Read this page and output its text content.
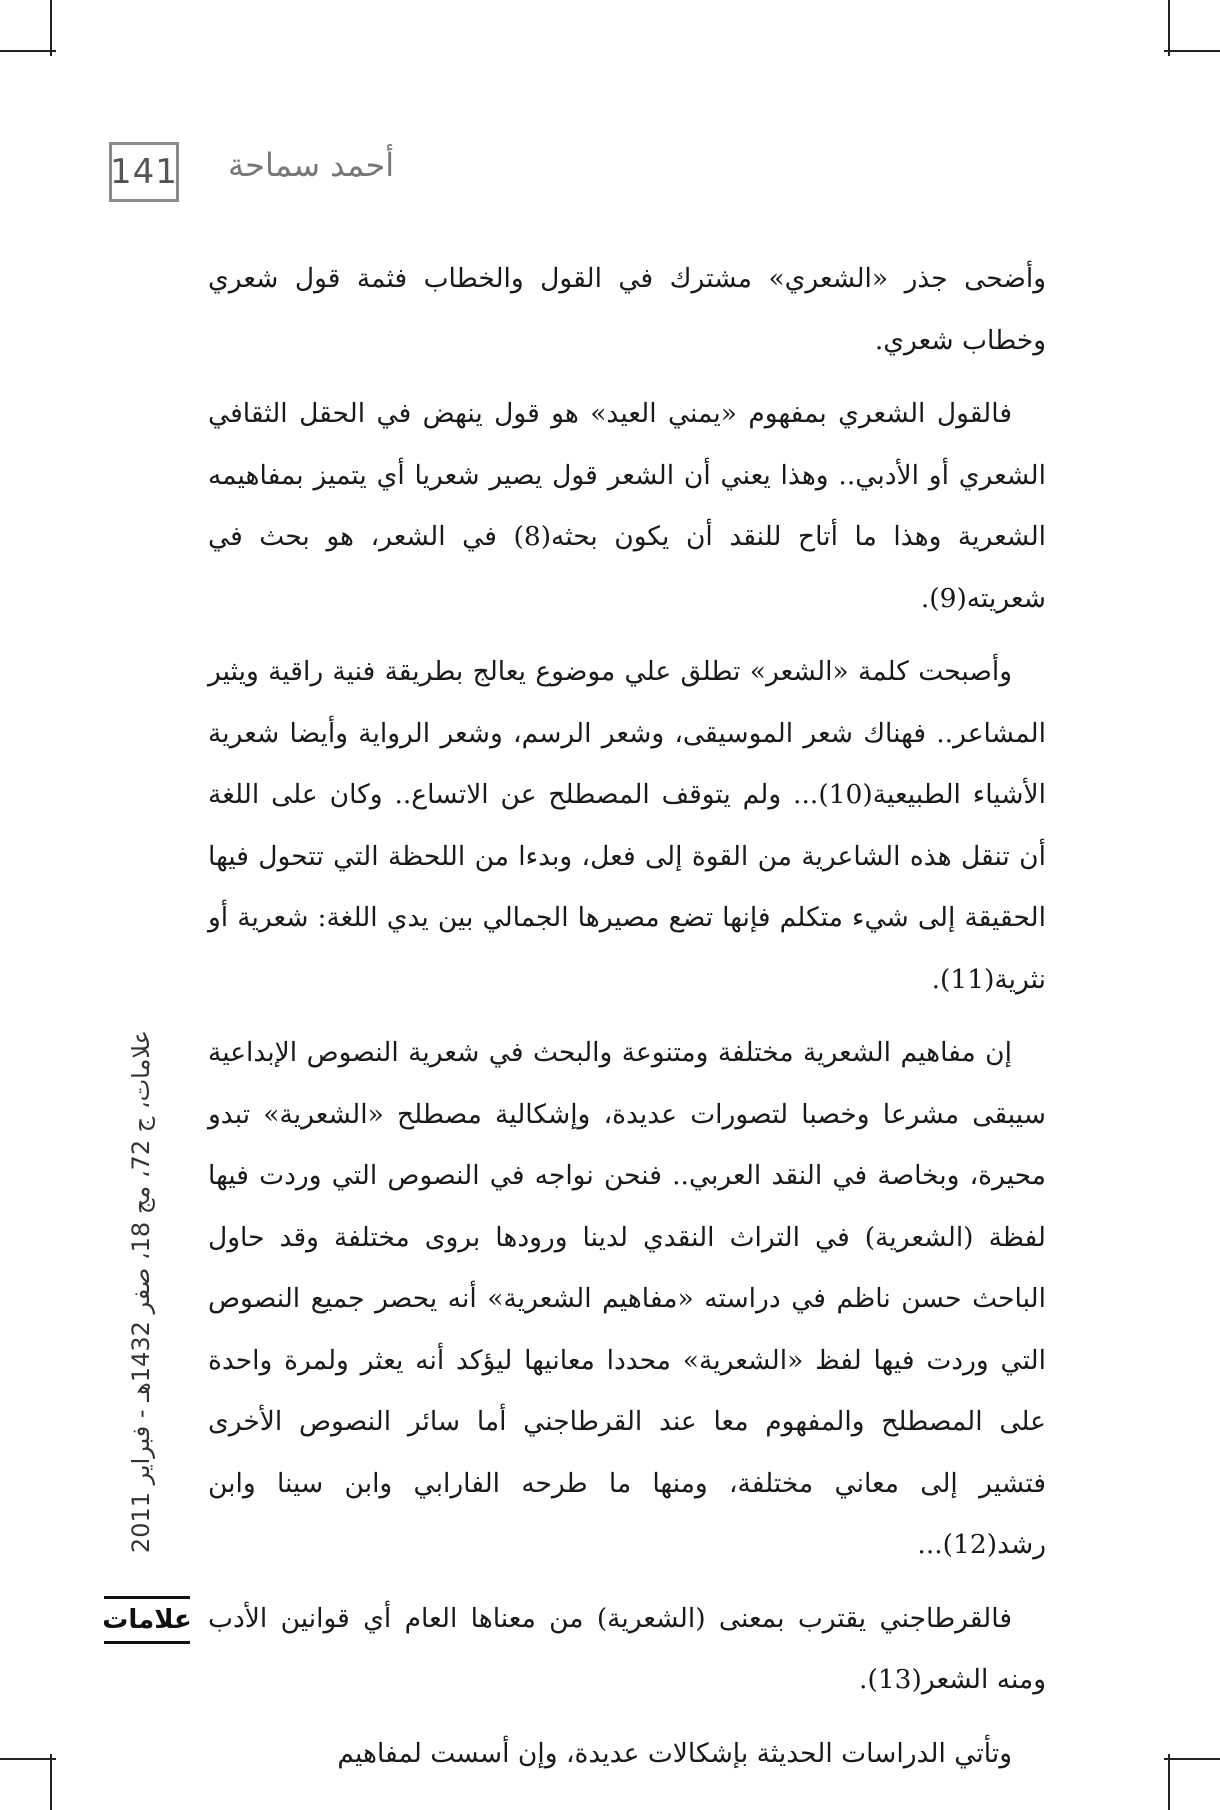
141 أحمد سماحة

وأضحى جذر «الشعري» مشترك في القول والخطاب فثمة قول شعري وخطاب شعري.

فالقول الشعري بمفهوم «يمني العيد» هو قول ينهض في الحقل الثقافي الشعري أو الأدبي.. وهذا يعني أن الشعر قول يصير شعريا أي يتميز بمفاهيمه الشعرية وهذا ما أتاح للنقد أن يكون بحثه(8) في الشعر، هو بحث في شعريته(9).

وأصبحت كلمة «الشعر» تطلق علي موضوع يعالج بطريقة فنية راقية ويثير المشاعر.. فهناك شعر الموسيقى، وشعر الرسم، وشعر الرواية وأيضا شعرية الأشياء الطبيعية(10)... ولم يتوقف المصطلح عن الاتساع.. وكان على اللغة أن تنقل هذه الشاعرية من القوة إلى فعل، وبدءا من اللحظة التي تتحول فيها الحقيقة إلى شيء متكلم فإنها تضع مصيرها الجمالي بين يدي اللغة: شعرية أو نثرية(11).

إن مفاهيم الشعرية مختلفة ومتنوعة والبحث في شعرية النصوص الإبداعية سيبقى مشرعا وخصبا لتصورات عديدة، وإشكالية مصطلح «الشعرية» تبدو محيرة، وبخاصة في النقد العربي.. فنحن نواجه في النصوص التي وردت فيها لفظة (الشعرية) في التراث النقدي لدينا ورودها بروى مختلفة وقد حاول الباحث حسن ناظم في دراسته «مفاهيم الشعرية» أنه يحصر جميع النصوص التي وردت فيها لفظ «الشعرية» محددا معانيها ليؤكد أنه يعثر ولمرة واحدة على المصطلح والمفهوم معا عند القرطاجني أما سائر النصوص الأخرى فتشير إلى معاني مختلفة، ومنها ما طرحه الفارابي وابن سينا وابن رشد(12)...

فالقرطاجني يقترب بمعنى (الشعرية) من معناها العام أي قوانين الأدب ومنه الشعر(13).

وتأتي الدراسات الحديثة بإشكالات عديدة، وإن أسست لمفاهيم

علامات، ج 72، مج 18، صفر 1432هـ - فبراير 2011
علامات
